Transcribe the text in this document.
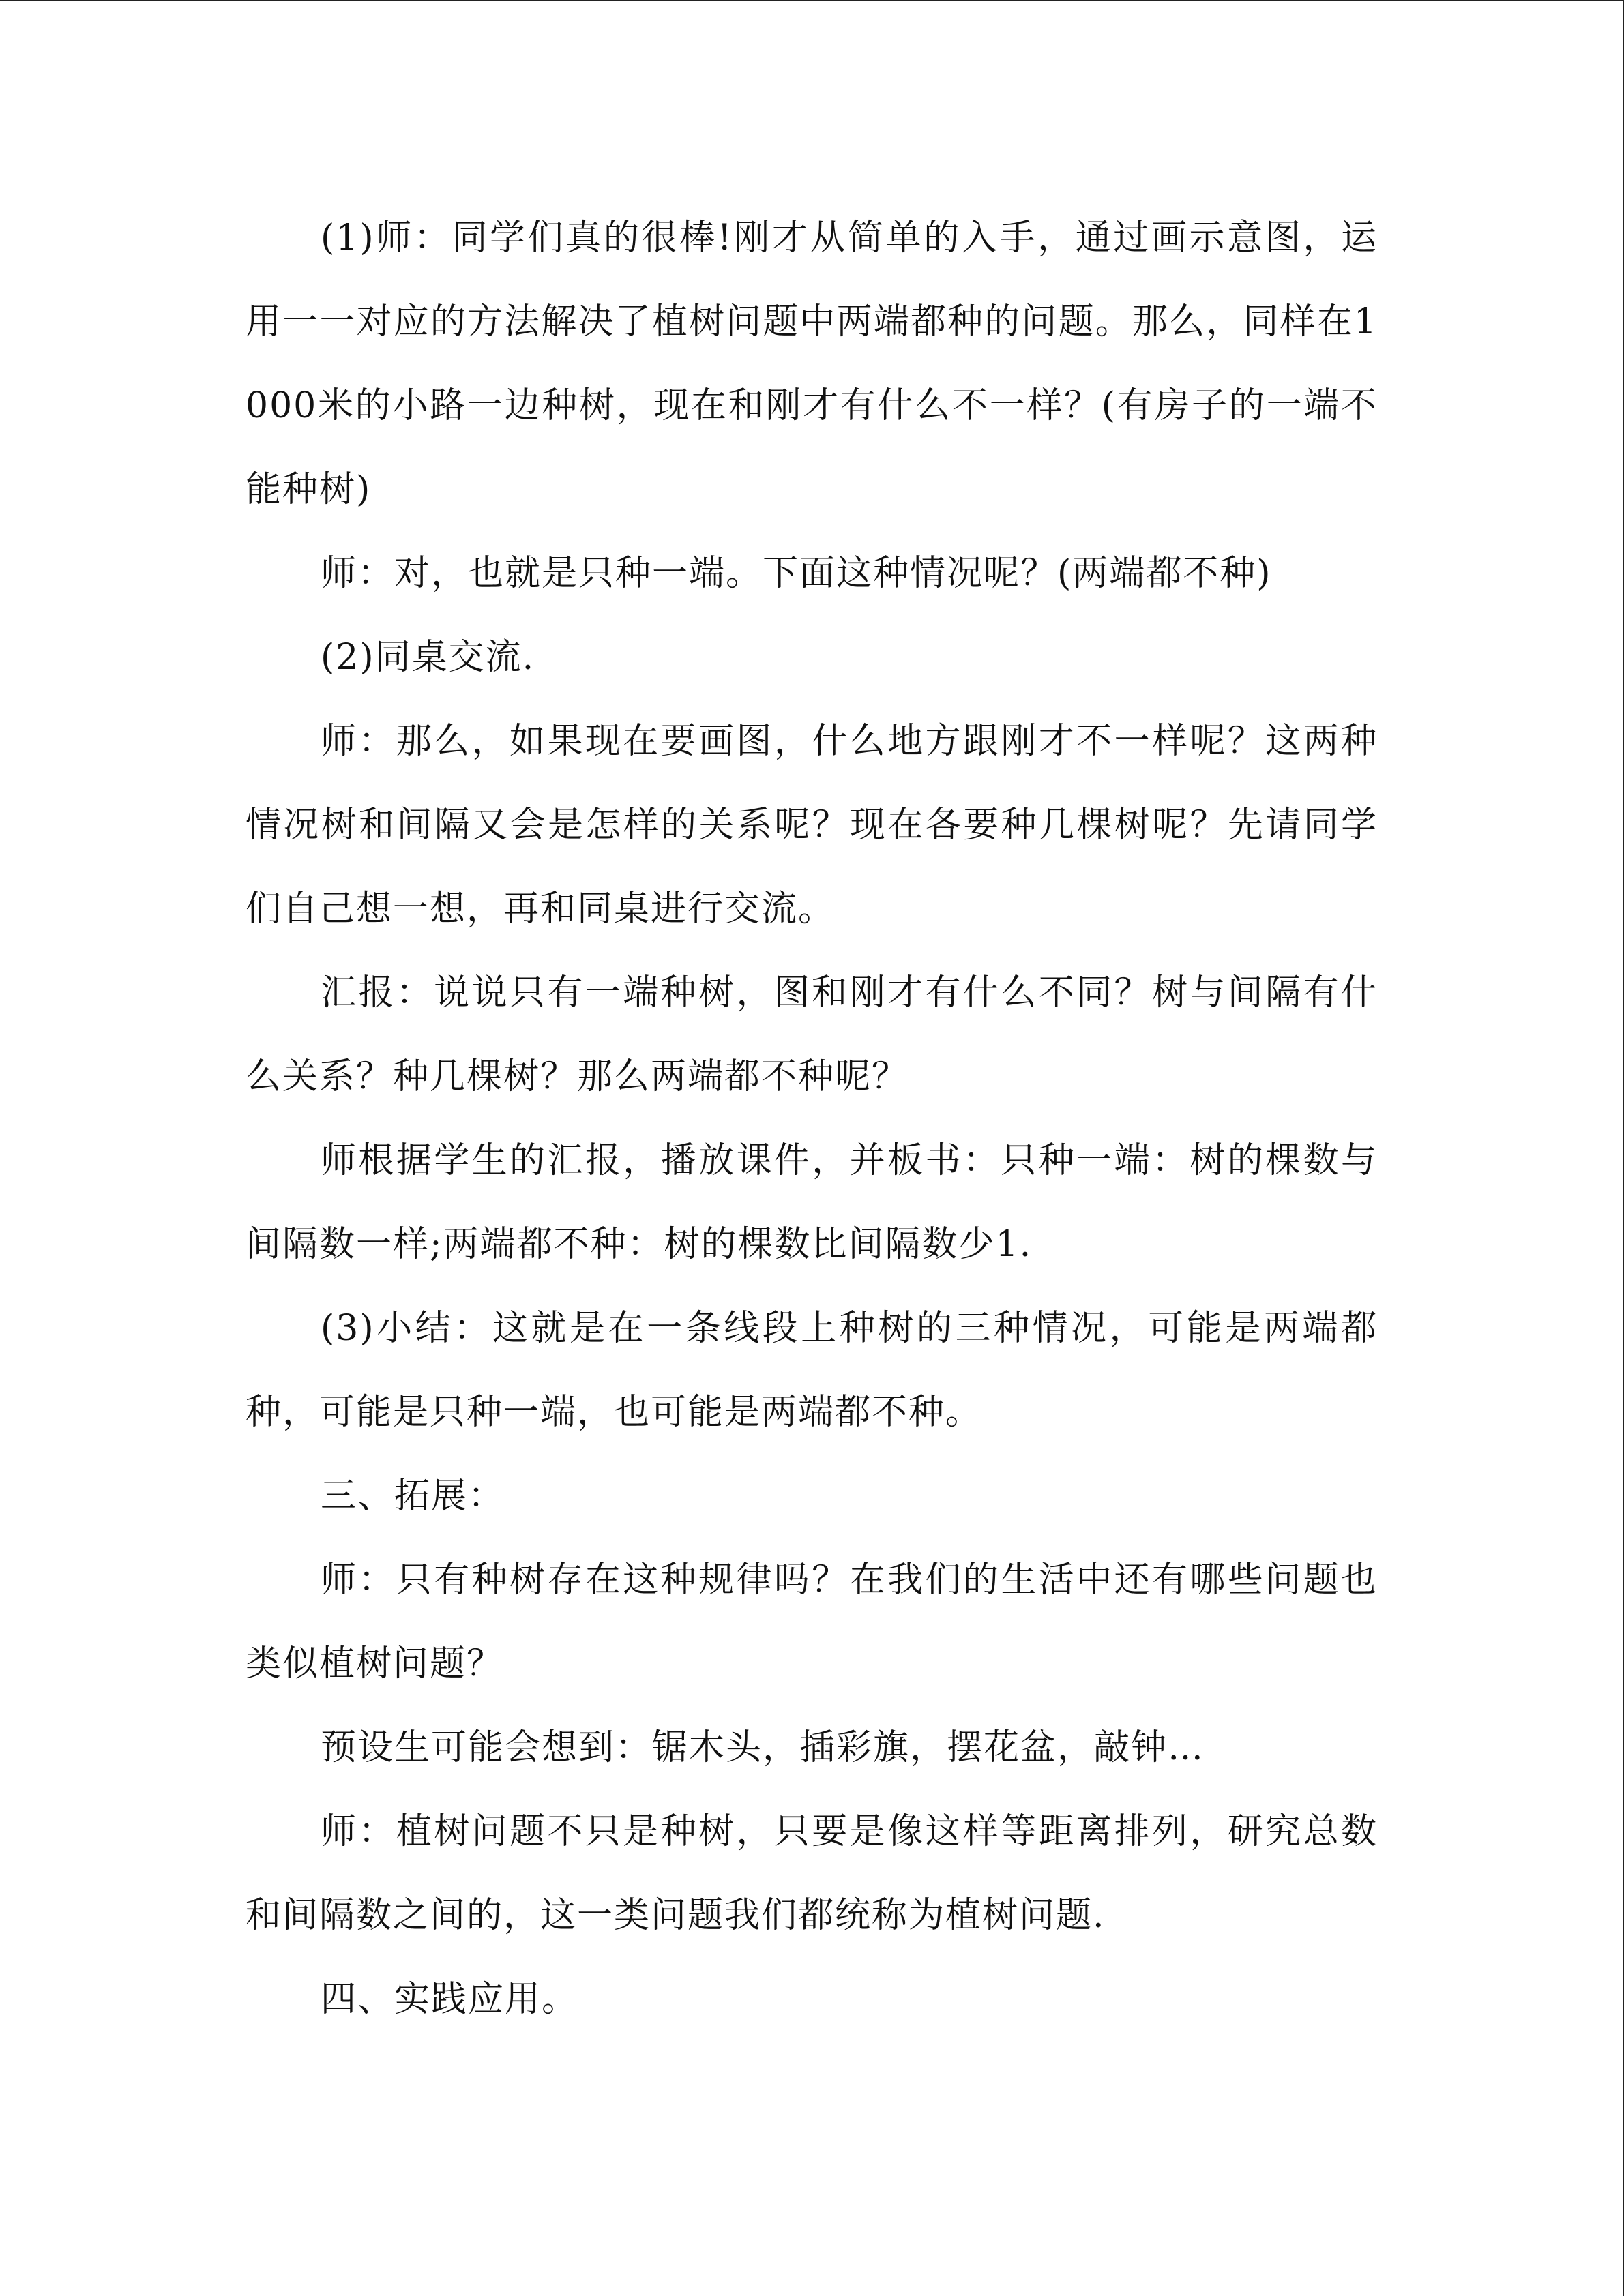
(1)师：同学们真的很棒!刚才从简单的入手，通过画示意图，运用一一对应的方法解决了植树问题中两端都种的问题。那么，同样在1000米的小路一边种树，现在和刚才有什么不一样？(有房子的一端不能种树)

师：对，也就是只种一端。下面这种情况呢？(两端都不种)

(2)同桌交流.

师：那么，如果现在要画图，什么地方跟刚才不一样呢？这两种情况树和间隔又会是怎样的关系呢？现在各要种几棵树呢？先请同学们自己想一想，再和同桌进行交流。

汇报：说说只有一端种树，图和刚才有什么不同？树与间隔有什么关系？种几棵树？那么两端都不种呢？

师根据学生的汇报，播放课件，并板书：只种一端：树的棵数与间隔数一样;两端都不种：树的棵数比间隔数少1.

(3)小结：这就是在一条线段上种树的三种情况，可能是两端都种，可能是只种一端，也可能是两端都不种。

三、拓展：

师：只有种树存在这种规律吗？在我们的生活中还有哪些问题也类似植树问题？

预设生可能会想到：锯木头，插彩旗，摆花盆，敲钟…

师：植树问题不只是种树，只要是像这样等距离排列，研究总数和间隔数之间的，这一类问题我们都统称为植树问题.

四、实践应用。
